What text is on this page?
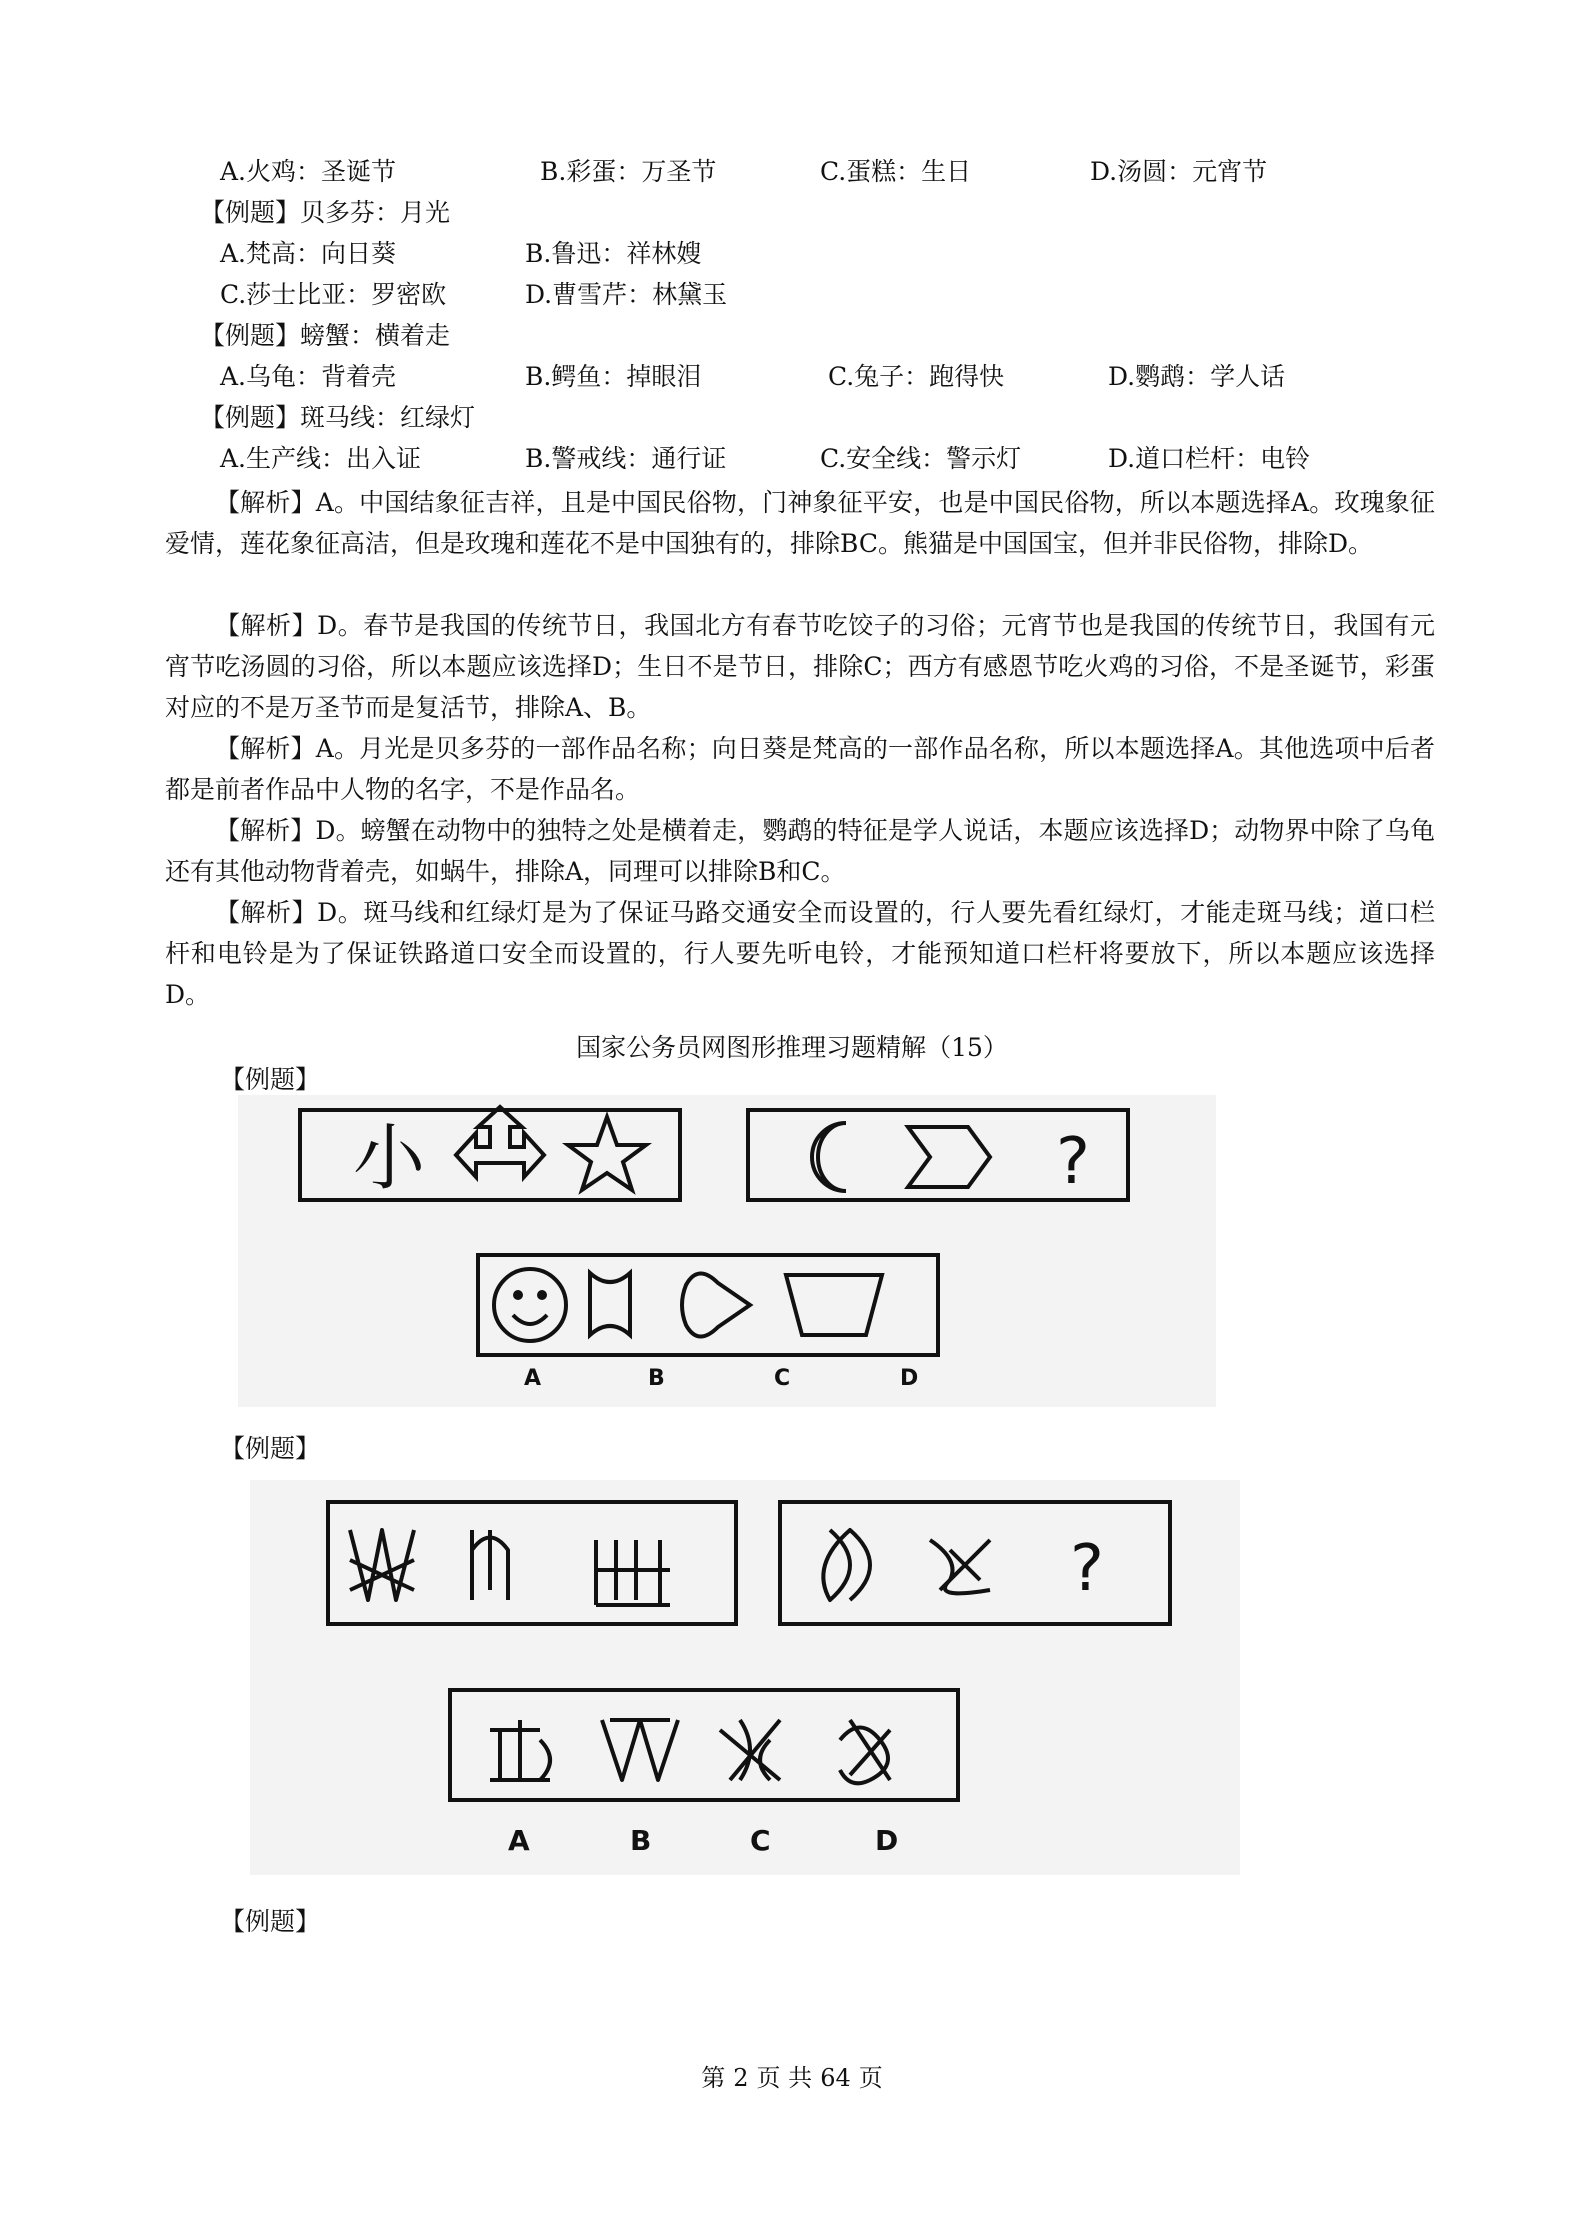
A.火鸡：圣诞节	B.彩蛋：万圣节	C.蛋糕：生日	D.汤圆：元宵节
【例题】贝多芬：月光
A.梵高：向日葵	B.鲁迅：祥林嫂
C.莎士比亚：罗密欧	D.曹雪芹：林黛玉
【例题】螃蟹：横着走
A.乌龟：背着壳	B.鳄鱼：掉眼泪	C.兔子：跑得快	D.鹦鹉：学人话
【例题】斑马线：红绿灯
A.生产线：出入证	B.警戒线：通行证	C.安全线：警示灯	D.道口栏杆：电铃
【解析】A。中国结象征吉祥，且是中国民俗物，门神象征平安，也是中国民俗物，所以本题选择A。玫瑰象征爱情，莲花象征高洁，但是玫瑰和莲花不是中国独有的，排除BC。熊猫是中国国宝，但并非民俗物，排除D。
【解析】D。春节是我国的传统节日，我国北方有春节吃饺子的习俗；元宵节也是我国的传统节日，我国有元宵节吃汤圆的习俗，所以本题应该选择D；生日不是节日，排除C；西方有感恩节吃火鸡的习俗，不是圣诞节，彩蛋对应的不是万圣节而是复活节，排除A、B。
【解析】A。月光是贝多芬的一部作品名称；向日葵是梵高的一部作品名称，所以本题选择A。其他选项中后者都是前者作品中人物的名字，不是作品名。
【解析】D。螃蟹在动物中的独特之处是横着走，鹦鹉的特征是学人说话，本题应该选择D；动物界中除了乌龟还有其他动物背着壳，如蜗牛，排除A，同理可以排除B和C。
【解析】D。斑马线和红绿灯是为了保证马路交通安全而设置的，行人要先看红绿灯，才能走斑马线；道口栏杆和电铃是为了保证铁路道口安全而设置的，行人要先听电铃，才能预知道口栏杆将要放下，所以本题应该选择D。
国家公务员网图形推理习题精解（15）
【例题】
小	?
A	B	C	D
【例题】
?
A	B	C	D
【例题】
第 2 页 共 64 页
